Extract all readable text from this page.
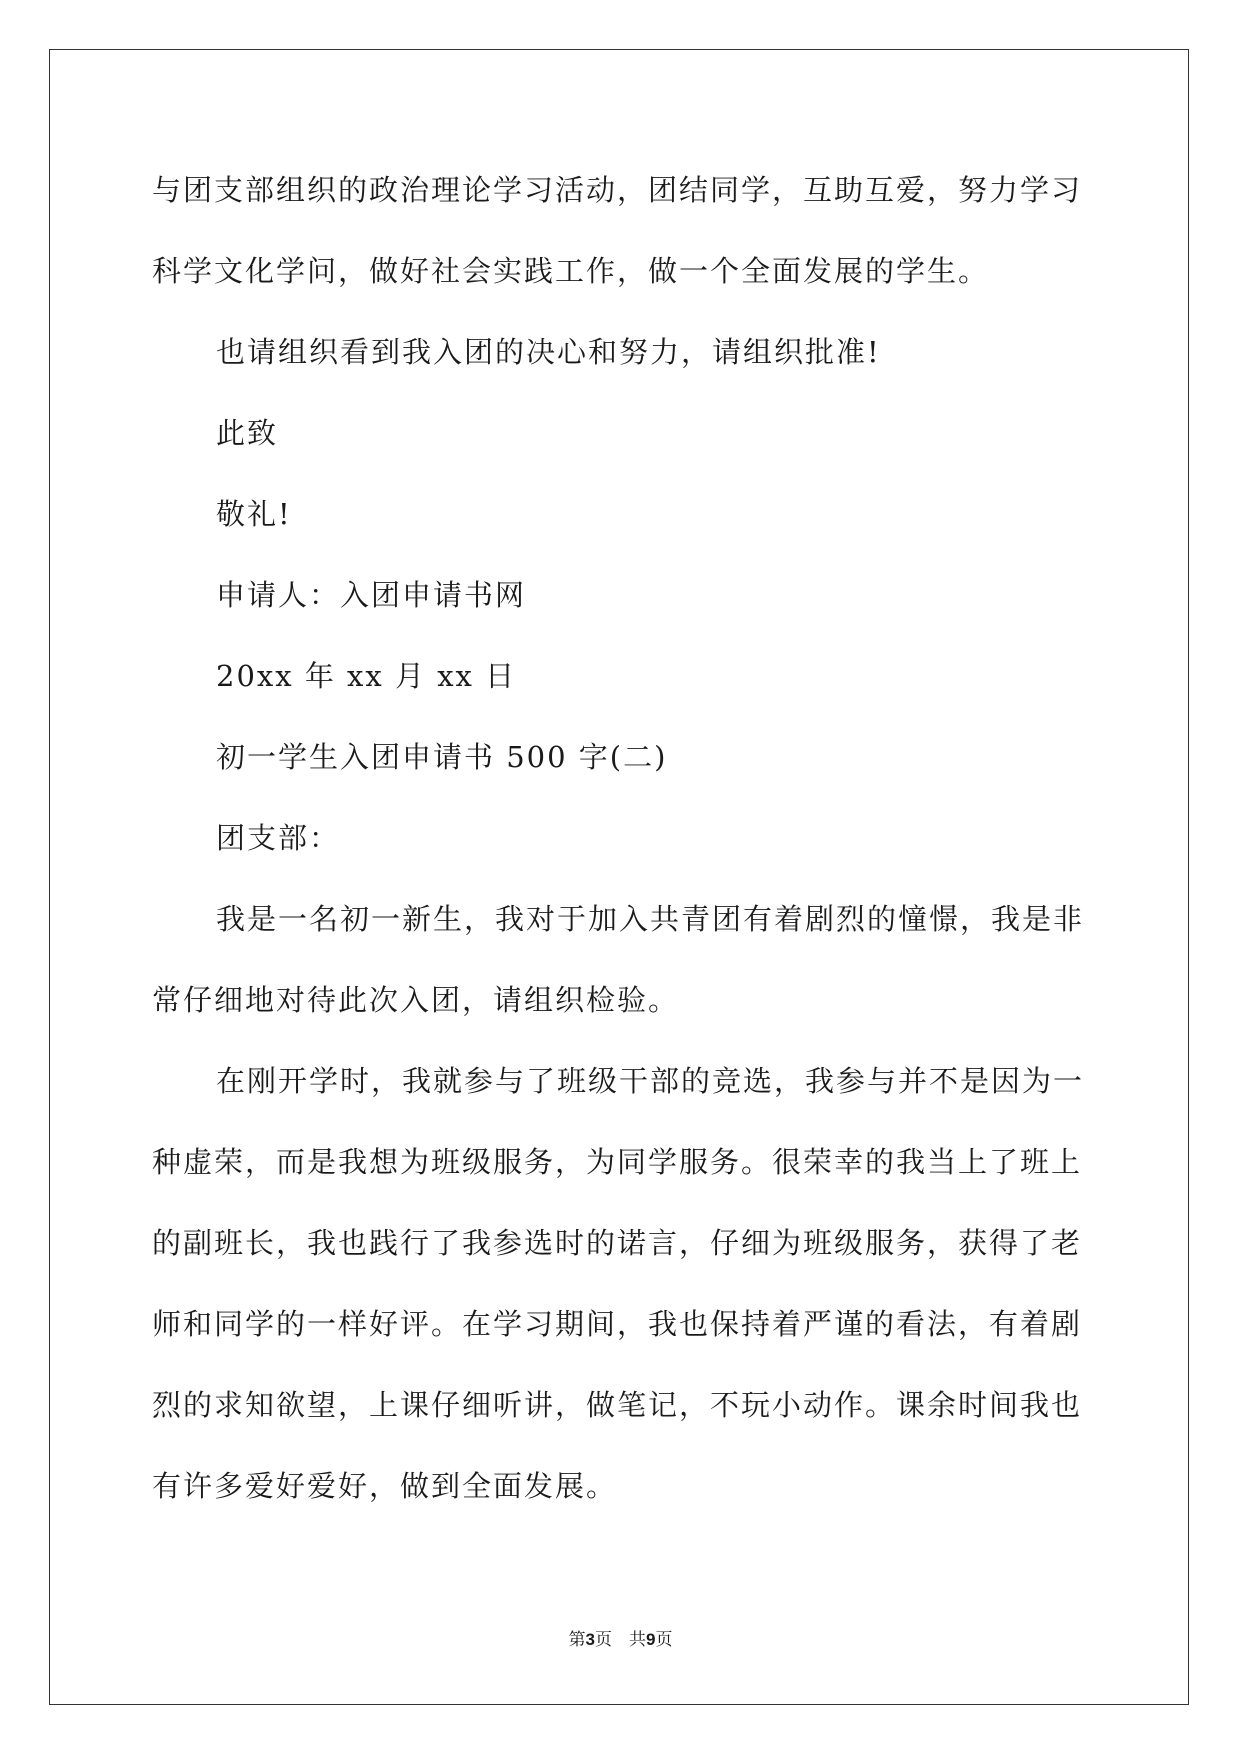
与团支部组织的政治理论学习活动，团结同学，互助互爱，努力学习
科学文化学问，做好社会实践工作，做一个全面发展的学生。
也请组织看到我入团的决心和努力，请组织批准!
此致
敬礼!
申请人：入团申请书网
20xx 年 xx 月 xx 日
初一学生入团申请书 500 字(二)
团支部：
我是一名初一新生，我对于加入共青团有着剧烈的憧憬，我是非
常仔细地对待此次入团，请组织检验。
在刚开学时，我就参与了班级干部的竞选，我参与并不是因为一
种虚荣，而是我想为班级服务，为同学服务。很荣幸的我当上了班上
的副班长，我也践行了我参选时的诺言，仔细为班级服务，获得了老
师和同学的一样好评。在学习期间，我也保持着严谨的看法，有着剧
烈的求知欲望，上课仔细听讲，做笔记，不玩小动作。课余时间我也
有许多爱好爱好，做到全面发展。
第3页　共9页
